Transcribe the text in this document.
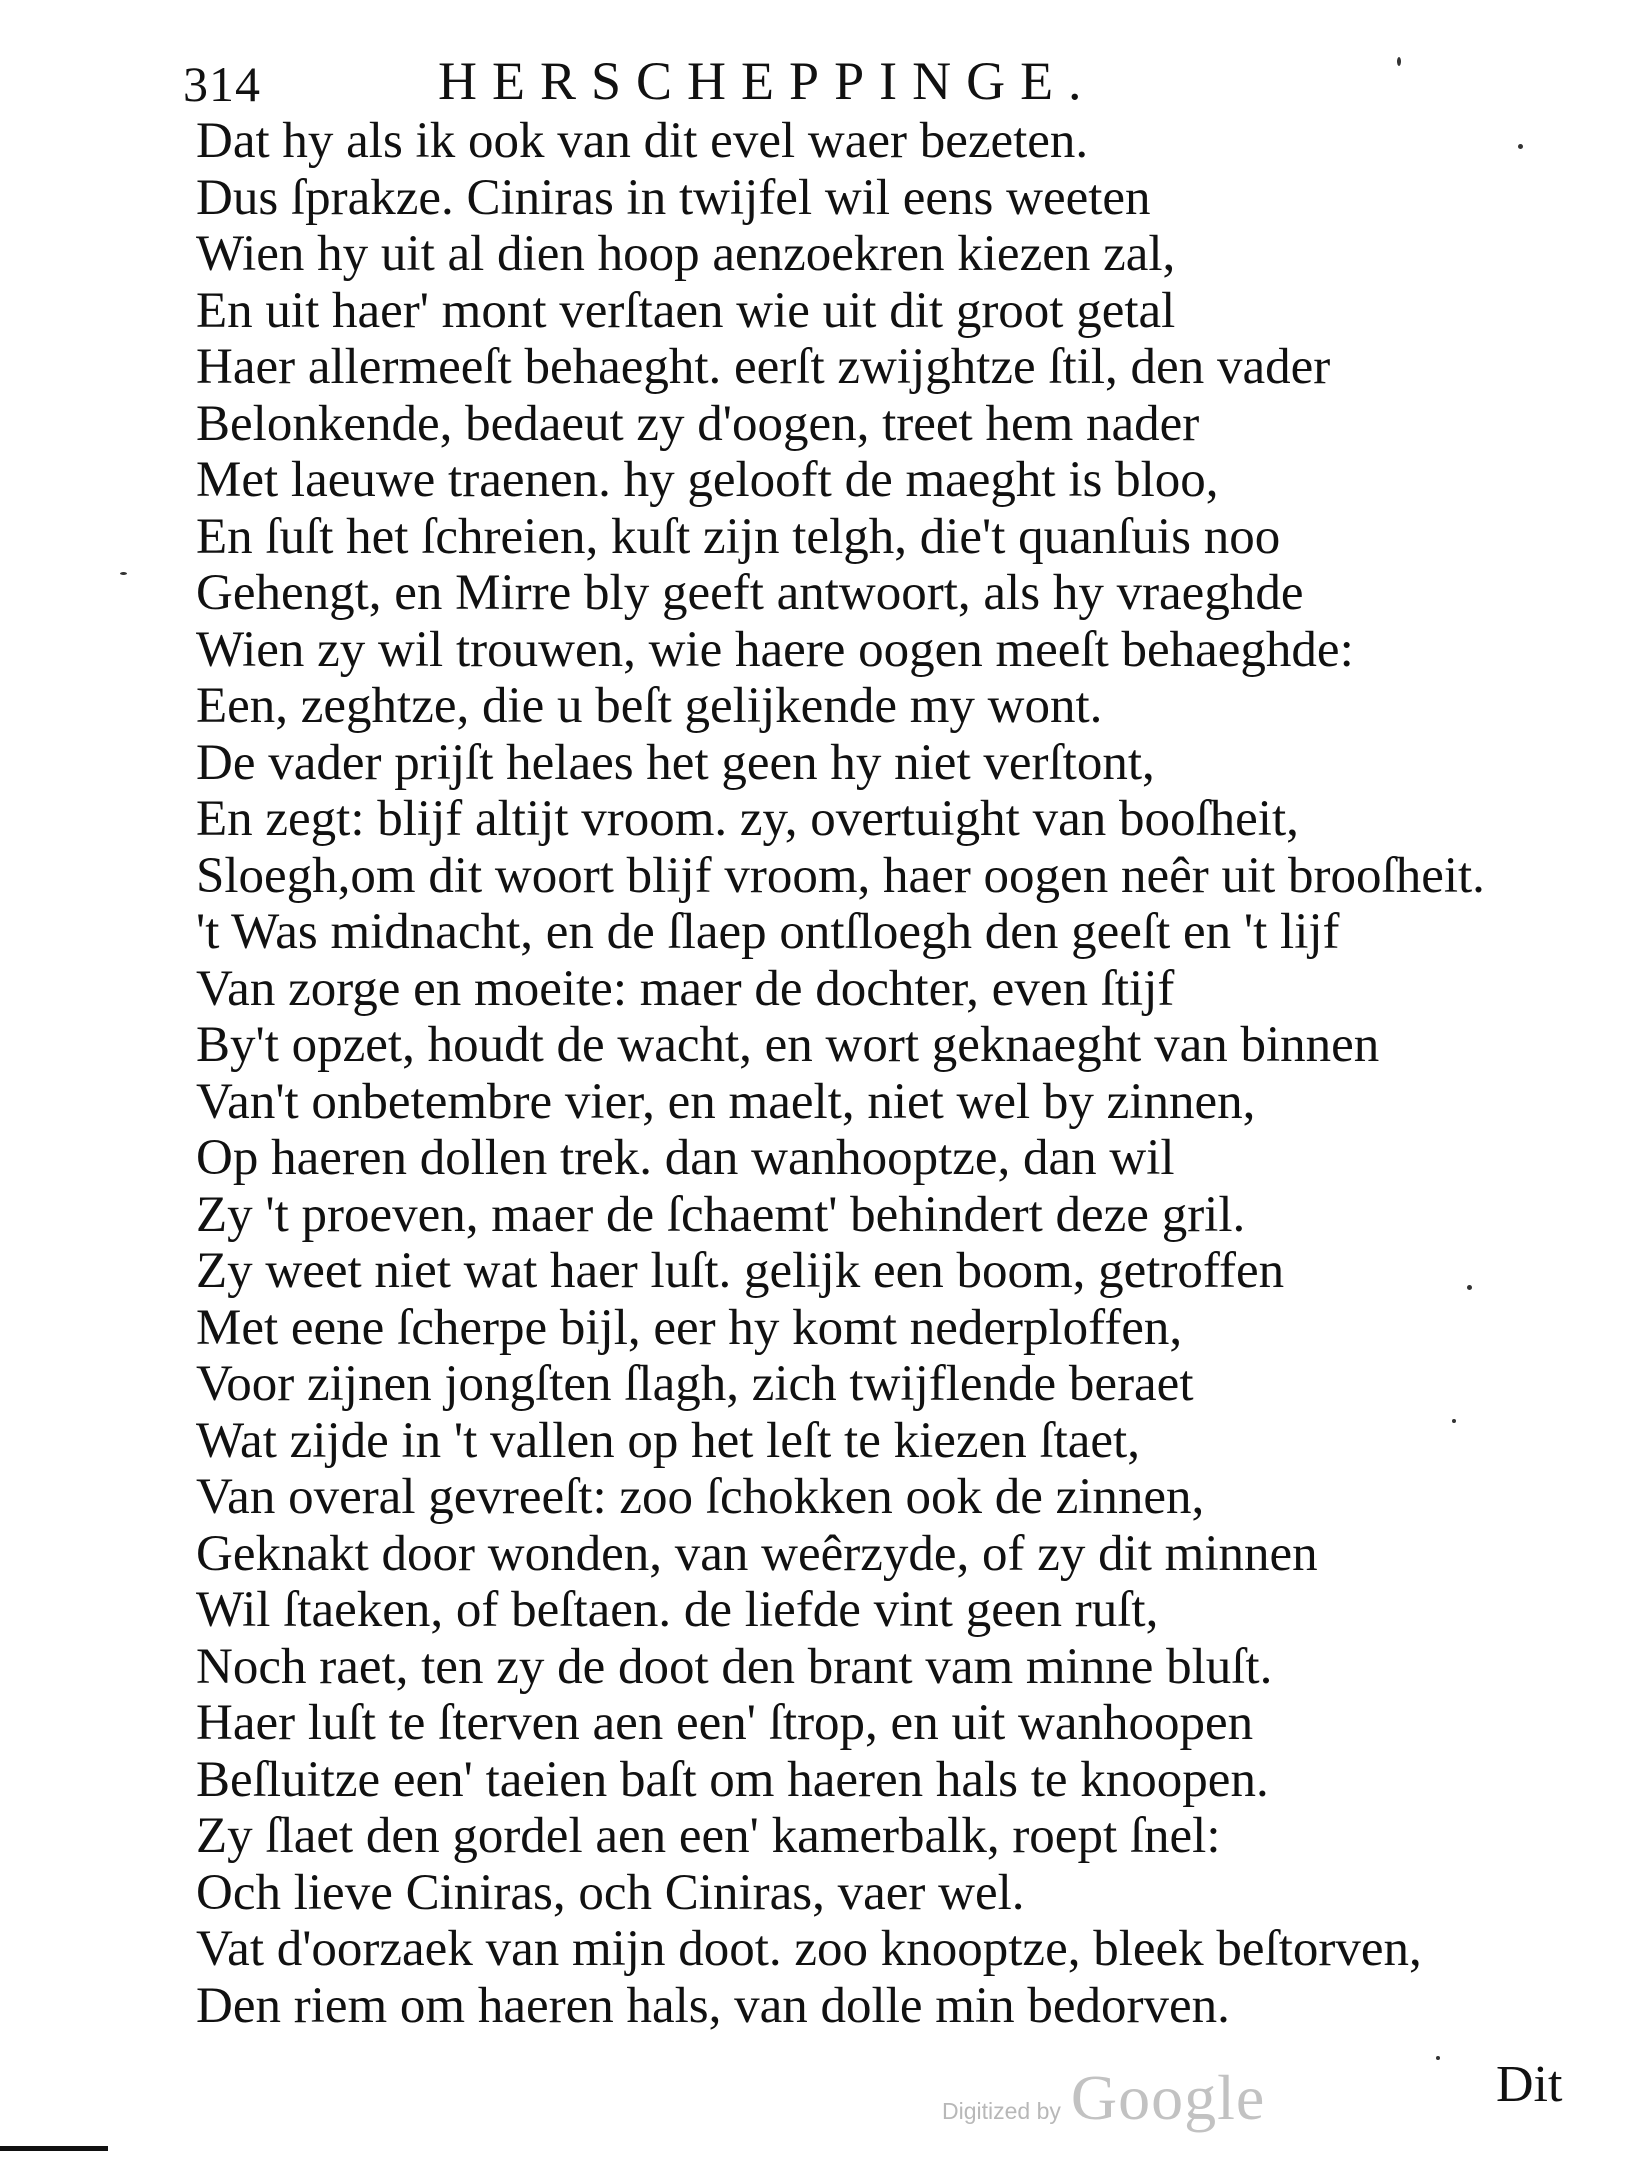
314	HERSCHEPPINGE.
Dat hy als ik ook van dit evel waer bezeten.
Dus ſprakze. Ciniras in twijfel wil eens weeten
Wien hy uit al dien hoop aenzoekren kiezen zal,
En uit haer' mont verſtaen wie uit dit groot getal
Haer allermeeſt behaeght. eerſt zwijghtze ſtil, den vader
Belonkende, bedaeut zy d'oogen, treet hem nader
Met laeuwe traenen. hy gelooft de maeght is bloo,
En ſuſt het ſchreien, kuſt zijn telgh, die't quanſuis noo
Gehengt, en Mirre bly geeft antwoort, als hy vraeghde
Wien zy wil trouwen, wie haere oogen meeſt behaeghde:
Een, zeghtze, die u beſt gelijkende my wont.
De vader prijſt helaes het geen hy niet verſtont,
En zegt: blijf altijt vroom. zy, overtuight van booſheit,
Sloegh,om dit woort blijf vroom, haer oogen neêr uit brooſheit.
't Was midnacht, en de ſlaep ontſloegh den geeſt en 't lijf
Van zorge en moeite: maer de dochter, even ſtijf
By't opzet, houdt de wacht, en wort geknaeght van binnen
Van't onbetembre vier, en maelt, niet wel by zinnen,
Op haeren dollen trek. dan wanhooptze, dan wil
Zy 't proeven, maer de ſchaemt' behindert deze gril.
Zy weet niet wat haer luſt. gelijk een boom, getroffen
Met eene ſcherpe bijl, eer hy komt nederploffen,
Voor zijnen jongſten ſlagh, zich twijflende beraet
Wat zijde in 't vallen op het leſt te kiezen ſtaet,
Van overal gevreeſt: zoo ſchokken ook de zinnen,
Geknakt door wonden, van weêrzyde, of zy dit minnen
Wil ſtaeken, of beſtaen. de liefde vint geen ruſt,
Noch raet, ten zy de doot den brant vam minne bluſt.
Haer luſt te ſterven aen een' ſtrop, en uit wanhoopen
Beſluitze een' taeien baſt om haeren hals te knoopen.
Zy ſlaet den gordel aen een' kamerbalk, roept ſnel:
Och lieve Ciniras, och Ciniras, vaer wel.
Vat d'oorzaek van mijn doot. zoo knooptze, bleek beſtorven,
Den riem om haeren hals, van dolle min bedorven.
Digitized by Google	Dit
